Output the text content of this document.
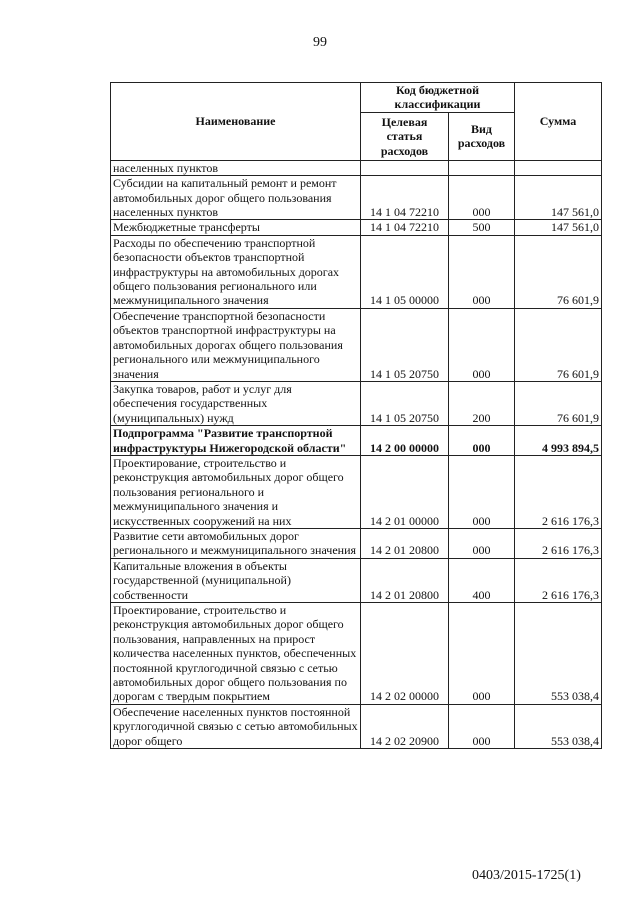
99
Наименование	Код бюджетной классификации		Сумма
	Целевая статья расходов	Вид расходов	
населенных пунктов			
Субсидии на капитальный ремонт и ремонт автомобильных дорог общего пользования населенных пунктов	14 1 04 72210	000	147 561,0
Межбюджетные трансферты	14 1 04 72210	500	147 561,0
Расходы по обеспечению транспортной безопасности объектов транспортной инфраструктуры на автомобильных дорогах общего пользования регионального или межмуниципального значения	14 1 05 00000	000	76 601,9
Обеспечение транспортной безопасности объектов транспортной инфраструктуры на автомобильных дорогах общего пользования регионального или межмуниципального значения	14 1 05 20750	000	76 601,9
Закупка товаров, работ и услуг для обеспечения государственных (муниципальных) нужд	14 1 05 20750	200	76 601,9
Подпрограмма "Развитие транспортной инфраструктуры Нижегородской области"	14 2 00 00000	000	4 993 894,5
Проектирование, строительство и реконструкция автомобильных дорог общего пользования регионального и межмуниципального значения и искусственных сооружений на них	14 2 01 00000	000	2 616 176,3
Развитие сети автомобильных дорог регионального и межмуниципального значения	14 2 01 20800	000	2 616 176,3
Капитальные вложения в объекты государственной (муниципальной) собственности	14 2 01 20800	400	2 616 176,3
Проектирование, строительство и реконструкция автомобильных дорог общего пользования, направленных на прирост количества населенных пунктов, обеспеченных постоянной круглогодичной связью с сетью автомобильных дорог общего пользования по дорогам с твердым покрытием	14 2 02 00000	000	553 038,4
Обеспечение населенных пунктов постоянной круглогодичной связью с сетью автомобильных дорог общего	14 2 02 20900	000	553 038,4
0403/2015-1725(1)
